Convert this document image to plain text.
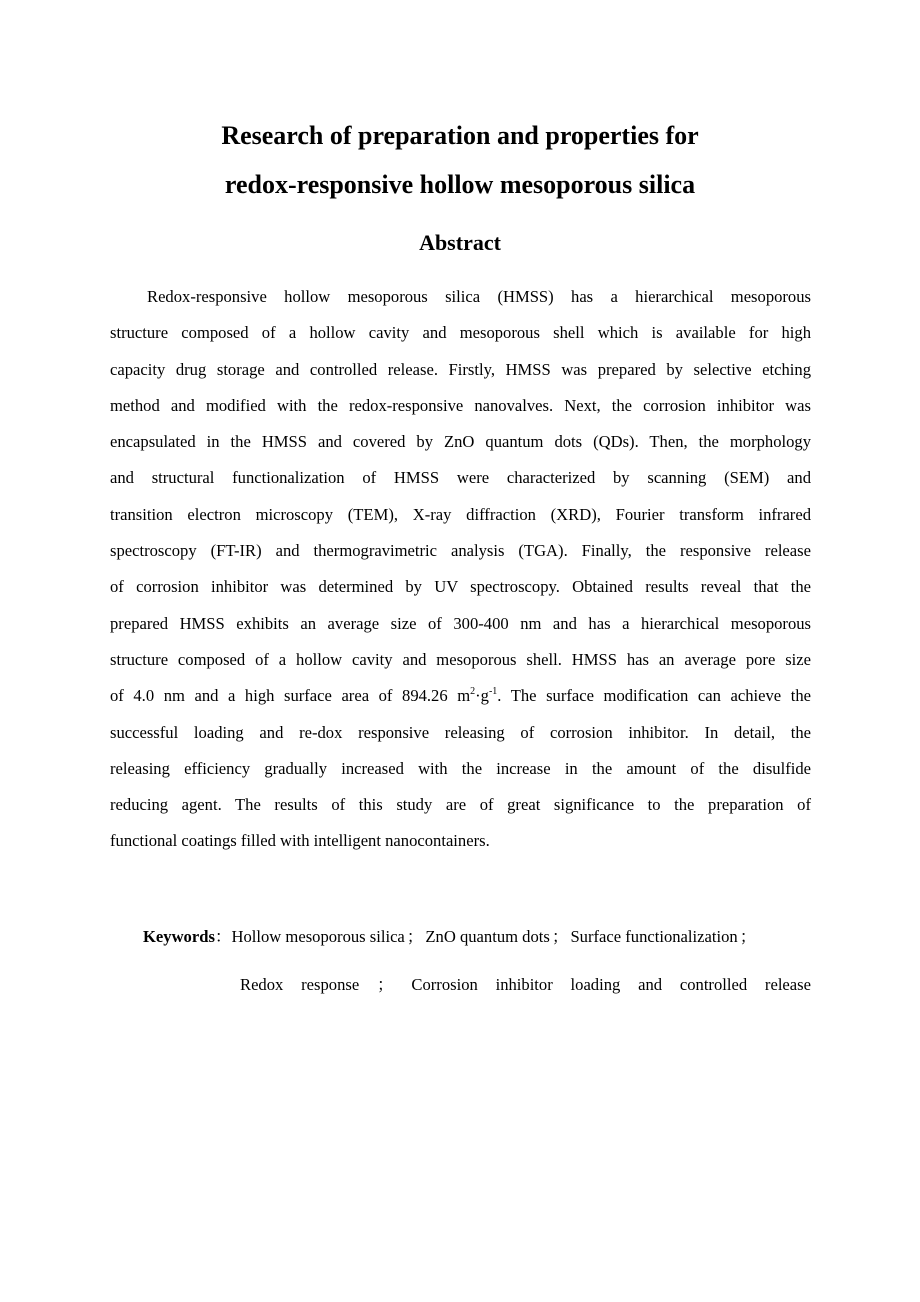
Research of preparation and properties for
redox-responsive hollow mesoporous silica
Abstract
Redox-responsive hollow mesoporous silica (HMSS) has a hierarchical mesoporous
structure composed of a hollow cavity and mesoporous shell which is available for high
capacity drug storage and controlled release. Firstly, HMSS was prepared by selective etching
method and modified with the redox-responsive nanovalves. Next, the corrosion inhibitor was
encapsulated in the HMSS and covered by ZnO quantum dots (QDs). Then, the morphology
and structural functionalization of HMSS were characterized by scanning (SEM) and
transition electron microscopy (TEM), X-ray diffraction (XRD), Fourier transform infrared
spectroscopy (FT-IR) and thermogravimetric analysis (TGA). Finally, the responsive release
of corrosion inhibitor was determined by UV spectroscopy. Obtained results reveal that the
prepared HMSS exhibits an average size of 300-400 nm and has a hierarchical mesoporous
structure composed of a hollow cavity and mesoporous shell. HMSS has an average pore size
of 4.0 nm and a high surface area of 894.26 $m^2\cdot g^{-1}$. The surface modification can achieve the
successful loading and re-dox responsive releasing of corrosion inhibitor. In detail, the
releasing efficiency gradually increased with the increase in the amount of the disulfide
reducing agent. The results of this study are of great significance to the preparation of
functional coatings filled with intelligent nanocontainers.
Keywords：Hollow mesoporous silica ； ZnO quantum dots ； Surface functionalization ；
Redox response ； Corrosion inhibitor loading and controlled release
